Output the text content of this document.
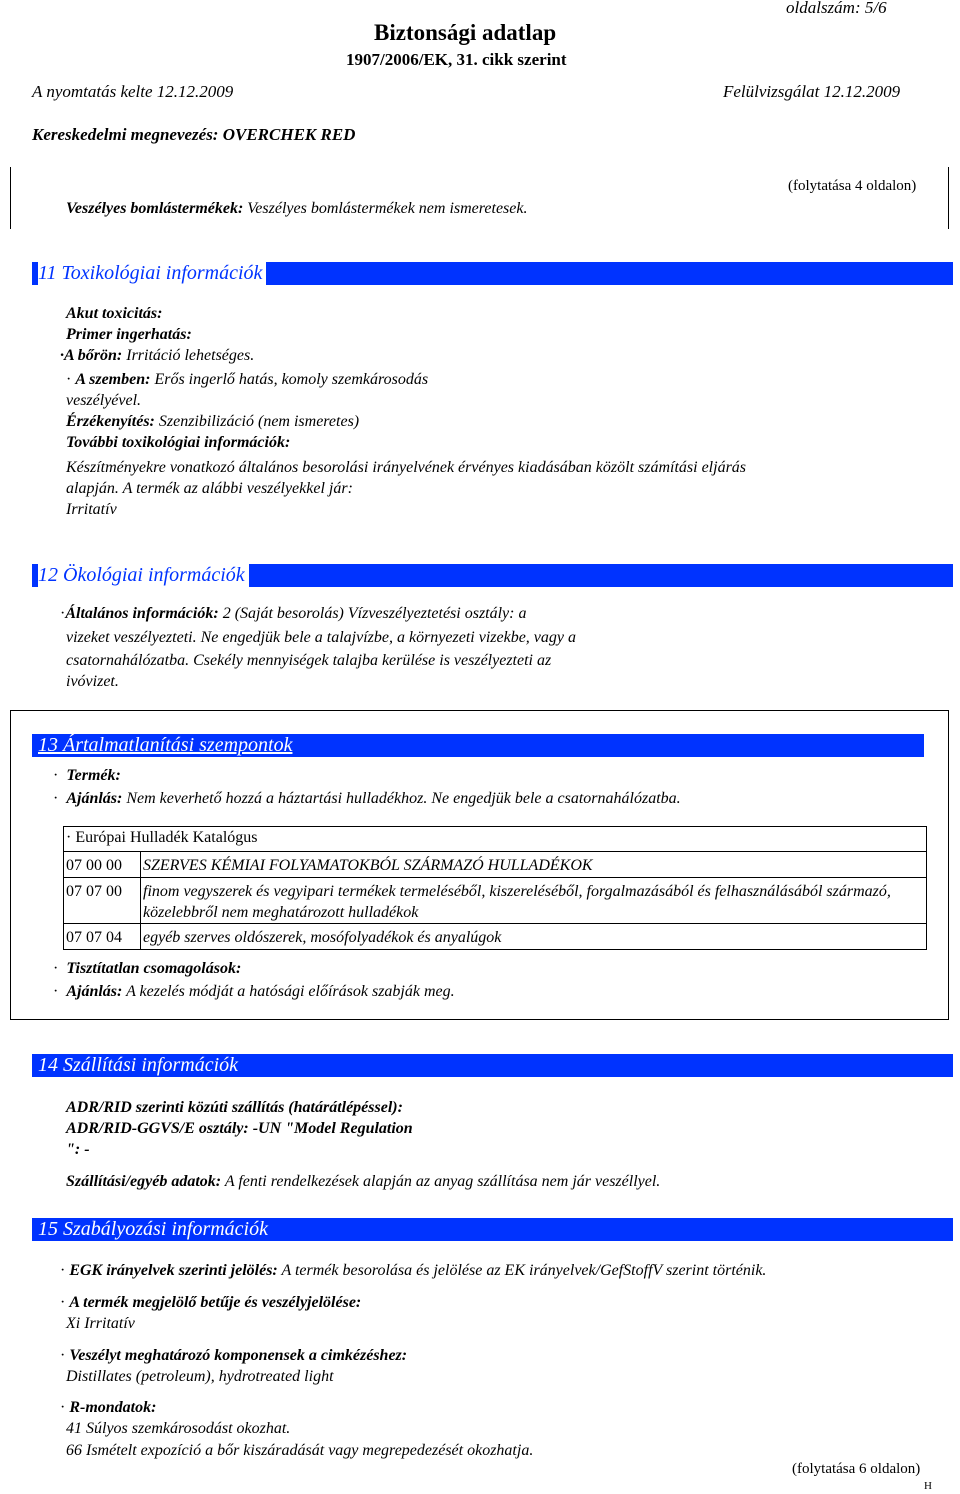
oldalszám: 5/6
Biztonsági adatlap
1907/2006/EK, 31. cikk szerint
A nyomtatás kelte 12.12.2009	Felülvizsgálat 12.12.2009
Kereskedelmi megnevezés: OVERCHEK RED
(folytatása 4 oldalon)
Veszélyes bomlástermékek: Veszélyes bomlástermékek nem ismeretesek.
11 Toxikológiai információk
Akut toxicitás:
Primer ingerhatás:
·A bőrön: Irritáció lehetséges.
· A szemben: Erős ingerlő hatás, komoly szemkárosodás
veszélyével.
Érzékenyítés: Szenzibilizáció (nem ismeretes)
További toxikológiai információk:
Készítményekre vonatkozó általános besorolási irányelvének érvényes kiadásában közölt számítási eljárás
alapján. A termék az alábbi veszélyekkel jár:
Irritatív
12 Ökológiai információk
·Általános információk: 2 (Saját besorolás) Vízveszélyeztetési osztály: a
vizeket veszélyezteti. Ne engedjük bele a talajvízbe, a környezeti vizekbe, vagy a
csatornahálózatba. Csekély mennyiségek talajba kerülése is veszélyezteti az
ivóvizet.
13 Ártalmatlanítási szempontok
· Termék:
· Ajánlás: Nem keverhető hozzá a háztartási hulladékhoz. Ne engedjük bele a csatornahálózatba.
· Európai Hulladék Katalógus	
07 00 00	SZERVES KÉMIAI FOLYAMATOKBÓL SZÁRMAZÓ HULLADÉKOK
07 07 00	finom vegyszerek és vegyipari termékek termeléséből, kiszereléséből, forgalmazásából és felhasználásából származó, közelebbről nem meghatározott hulladékok
07 07 04	egyéb szerves oldószerek, mosófolyadékok és anyalúgok
· Tisztítatlan csomagolások:
· Ajánlás: A kezelés módját a hatósági előírások szabják meg.
14 Szállítási információk
ADR/RID szerinti közúti szállítás (határátlépéssel):
ADR/RID-GGVS/E osztály: -UN "Model Regulation
": -
Szállítási/egyéb adatok: A fenti rendelkezések alapján az anyag szállítása nem jár veszéllyel.
15 Szabályozási információk
· EGK irányelvek szerinti jelölés: A termék besorolása és jelölése az EK irányelvek/GefStoffV szerint történik.
· A termék megjelölő betűje és veszélyjelölése:
Xi Irritatív
· Veszélyt meghatározó komponensek a cimkézéshez:
Distillates (petroleum), hydrotreated light
· R-mondatok:
41 Súlyos szemkárosodást okozhat.
66 Ismételt expozíció a bőr kiszáradását vagy megrepedezését okozhatja.
(folytatása 6 oldalon)
H
